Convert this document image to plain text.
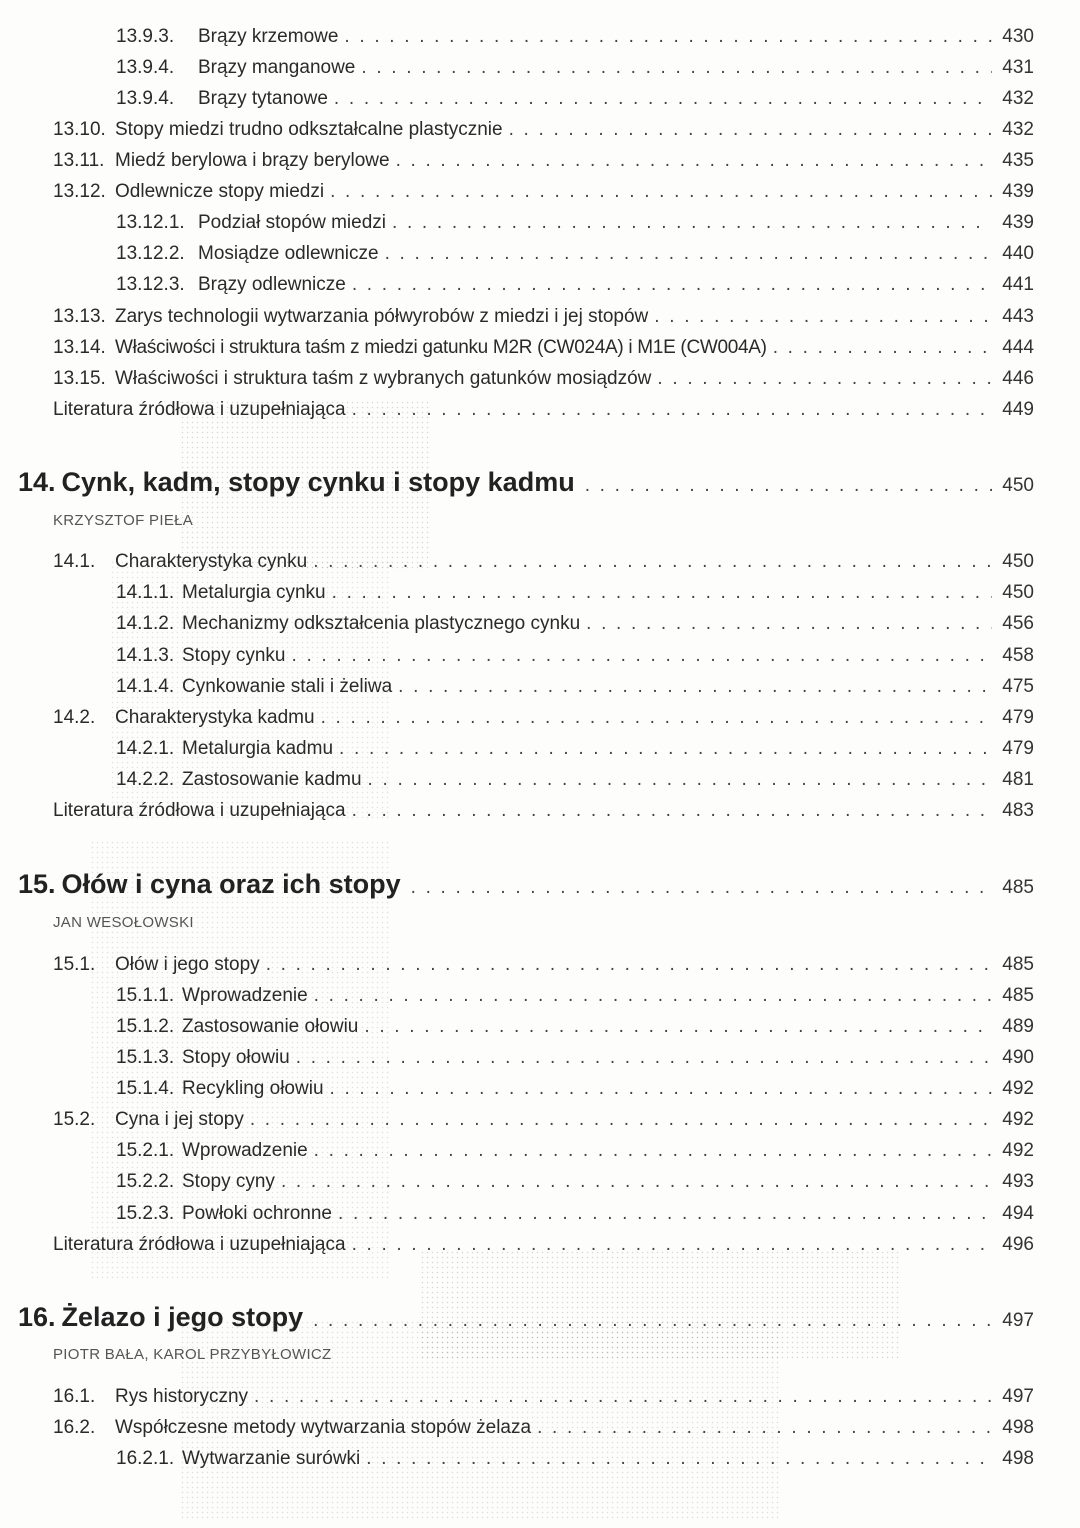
13.9.3.	Brązy krzemowe . . .	430
13.9.4.	Brązy manganowe . . .	431
13.9.4.	Brązy tytanowe . . .	432
13.10. Stopy miedzi trudno odkształcalne plastycznie . . .	432
13.11. Miedź berylowa i brązy berylowe . . .	435
13.12. Odlewnicze stopy miedzi . . .	439
13.12.1. Podział stopów miedzi . . .	439
13.12.2. Mosiądze odlewnicze . . .	440
13.12.3. Brązy odlewnicze . . .	441
13.13. Zarys technologii wytwarzania półwyrobów z miedzi i jej stopów . . .	443
13.14. Właściwości i struktura taśm z miedzi gatunku M2R (CW024A) i M1E (CW004A) . . .	444
13.15. Właściwości i struktura taśm z wybranych gatunków mosiądzów . . .	446
Literatura źródłowa i uzupełniająca . . .	449
14. Cynk, kadm, stopy cynku i stopy kadmu . . .	450
KRZYSZTOF PIEŁA
14.1.	Charakterystyka cynku . . .	450
14.1.1. Metalurgia cynku . . .	450
14.1.2. Mechanizmy odkształcenia plastycznego cynku . . .	456
14.1.3. Stopy cynku . . .	458
14.1.4. Cynkowanie stali i żeliwa . . .	475
14.2.	Charakterystyka kadmu . . .	479
14.2.1. Metalurgia kadmu . . .	479
14.2.2. Zastosowanie kadmu . . .	481
Literatura źródłowa i uzupełniająca . . .	483
15. Ołów i cyna oraz ich stopy . . .	485
JAN WESOŁOWSKI
15.1.	Ołów i jego stopy . . .	485
15.1.1. Wprowadzenie . . .	485
15.1.2. Zastosowanie ołowiu . . .	489
15.1.3. Stopy ołowiu . . .	490
15.1.4. Recykling ołowiu . . .	492
15.2.	Cyna i jej stopy . . .	492
15.2.1. Wprowadzenie . . .	492
15.2.2. Stopy cyny . . .	493
15.2.3. Powłoki ochronne . . .	494
Literatura źródłowa i uzupełniająca . . .	496
16. Żelazo i jego stopy . . .	497
PIOTR BAŁA, KAROL PRZYBYŁOWICZ
16.1.	Rys historyczny . . .	497
16.2.	Współczesne metody wytwarzania stopów żelaza . . .	498
16.2.1. Wytwarzanie surówki . . .	498
